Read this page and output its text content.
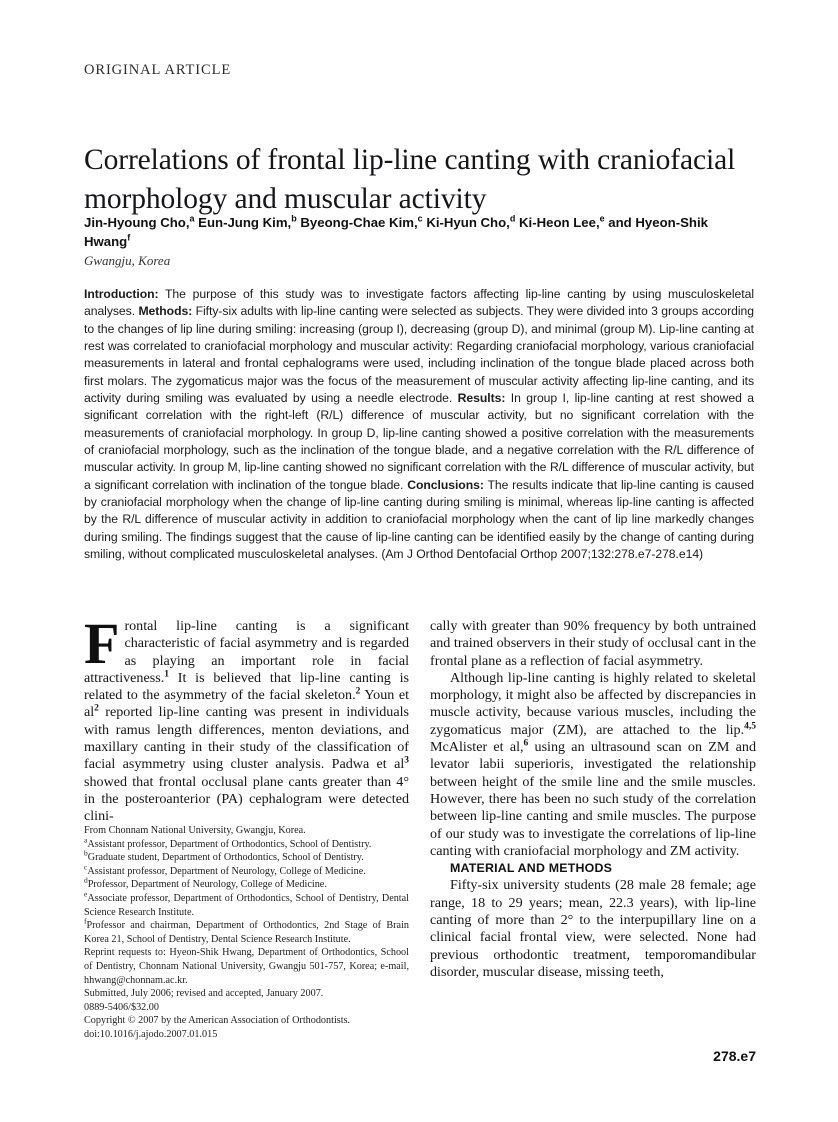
ORIGINAL ARTICLE
Correlations of frontal lip-line canting with craniofacial morphology and muscular activity
Jin-Hyoung Cho,$^a$ Eun-Jung Kim,$^b$ Byeong-Chae Kim,$^c$ Ki-Hyun Cho,$^d$ Ki-Heon Lee,$^e$ and Hyeon-Shik Hwang$^f$
Gwangju, Korea
Introduction: The purpose of this study was to investigate factors affecting lip-line canting by using musculoskeletal analyses. Methods: Fifty-six adults with lip-line canting were selected as subjects. They were divided into 3 groups according to the changes of lip line during smiling: increasing (group I), decreasing (group D), and minimal (group M). Lip-line canting at rest was correlated to craniofacial morphology and muscular activity: Regarding craniofacial morphology, various craniofacial measurements in lateral and frontal cephalograms were used, including inclination of the tongue blade placed across both first molars. The zygomaticus major was the focus of the measurement of muscular activity affecting lip-line canting, and its activity during smiling was evaluated by using a needle electrode. Results: In group I, lip-line canting at rest showed a significant correlation with the right-left (R/L) difference of muscular activity, but no significant correlation with the measurements of craniofacial morphology. In group D, lip-line canting showed a positive correlation with the measurements of craniofacial morphology, such as the inclination of the tongue blade, and a negative correlation with the R/L difference of muscular activity. In group M, lip-line canting showed no significant correlation with the R/L difference of muscular activity, but a significant correlation with inclination of the tongue blade. Conclusions: The results indicate that lip-line canting is caused by craniofacial morphology when the change of lip-line canting during smiling is minimal, whereas lip-line canting is affected by the R/L difference of muscular activity in addition to craniofacial morphology when the cant of lip line markedly changes during smiling. The findings suggest that the cause of lip-line canting can be identified easily by the change of canting during smiling, without complicated musculoskeletal analyses. (Am J Orthod Dentofacial Orthop 2007;132:278.e7-278.e14)

Frontal lip-line canting is a significant characteristic of facial asymmetry and is regarded as playing an important role in facial attractiveness.$^1$ It is believed that lip-line canting is related to the asymmetry of the facial skeleton.$^2$ Youn et $al^2$ reported lip-line canting was present in individuals with ramus length differences, menton deviations, and maxillary canting in their study of the classification of facial asymmetry using cluster analysis. Padwa et $al^3$ showed that frontal occlusal plane cants greater than 4° in the posteroanterior (PA) cephalogram were detected clini-

cally with greater than 90% frequency by both untrained and trained observers in their study of occlusal cant in the frontal plane as a reflection of facial asymmetry.

Although lip-line canting is highly related to skeletal morphology, it might also be affected by discrepancies in muscle activity, because various muscles, including the zygomaticus major (ZM), are attached to the lip.$^{4,5}$ McAlister et al,$^6$ using an ultrasound scan on ZM and levator labii superioris, investigated the relationship between height of the smile line and the smile muscles. However, there has been no such study of the correlation between lip-line canting and smile muscles. The purpose of our study was to investigate the correlations of lip-line canting with craniofacial morphology and ZM activity.

MATERIAL AND METHODS

Fifty-six university students (28 male 28 female; age range, 18 to 29 years; mean, 22.3 years), with lip-line canting of more than 2° to the interpupillary line on a clinical facial frontal view, were selected. None had previous orthodontic treatment, temporomandibular disorder, muscular disease, missing teeth,

From Chonnam National University, Gwangju, Korea.
$^a$Assistant professor, Department of Orthodontics, School of Dentistry.
$^b$Graduate student, Department of Orthodontics, School of Dentistry.
$^c$Assistant professor, Department of Neurology, College of Medicine.
$^d$Professor, Department of Neurology, College of Medicine.
$^e$Associate professor, Department of Orthodontics, School of Dentistry, Dental Science Research Institute.
$^f$Professor and chairman, Department of Orthodontics, 2nd Stage of Brain Korea 21, School of Dentistry, Dental Science Research Institute.
Reprint requests to: Hyeon-Shik Hwang, Department of Orthodontics, School of Dentistry, Chonnam National University, Gwangju 501-757, Korea; e-mail, hhwang@chonnam.ac.kr.
Submitted, July 2006; revised and accepted, January 2007.
0889-5406/$32.00
Copyright © 2007 by the American Association of Orthodontists.
doi:10.1016/j.ajodo.2007.01.015
278.e7
